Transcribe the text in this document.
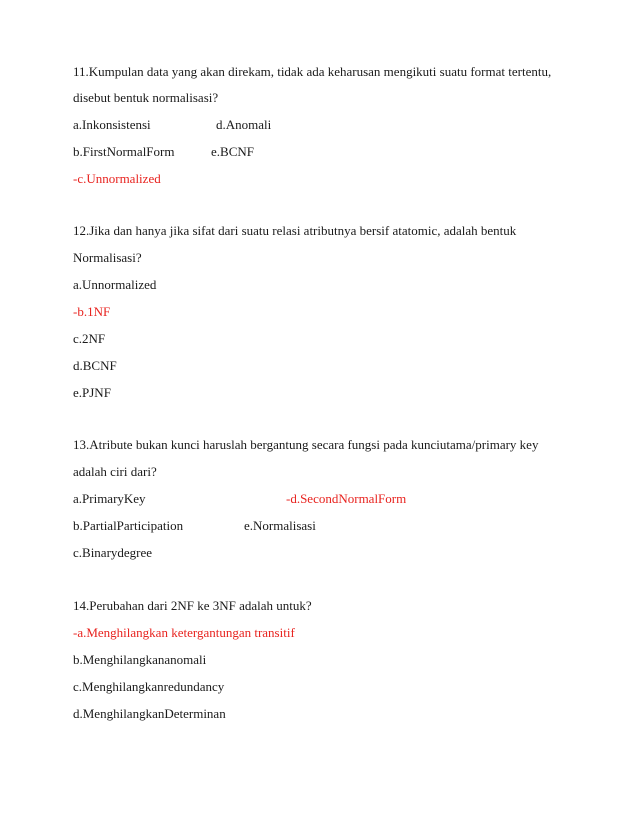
11.Kumpulan data yang akan direkam, tidak ada keharusan mengikuti suatu format tertentu,
disebut bentuk normalisasi?
a.Inkonsistensi	d.Anomali
b.FirstNormalForm	e.BCNF
-c.Unnormalized
12.Jika dan hanya jika sifat dari suatu relasi atributnya bersif atatomic, adalah bentuk
Normalisasi?
a.Unnormalized
-b.1NF
c.2NF
d.BCNF
e.PJNF
13.Atribute bukan kunci haruslah bergantung secara fungsi pada kunciutama/primary key
adalah ciri dari?
a.PrimaryKey	-d.SecondNormalForm
b.PartialParticipation	e.Normalisasi
c.Binarydegree
14.Perubahan dari 2NF ke 3NF adalah untuk?
-a.Menghilangkan ketergantungan transitif
b.Menghilangkananomali
c.Menghilangkanredundancy
d.MenghilangkanDeterminan
